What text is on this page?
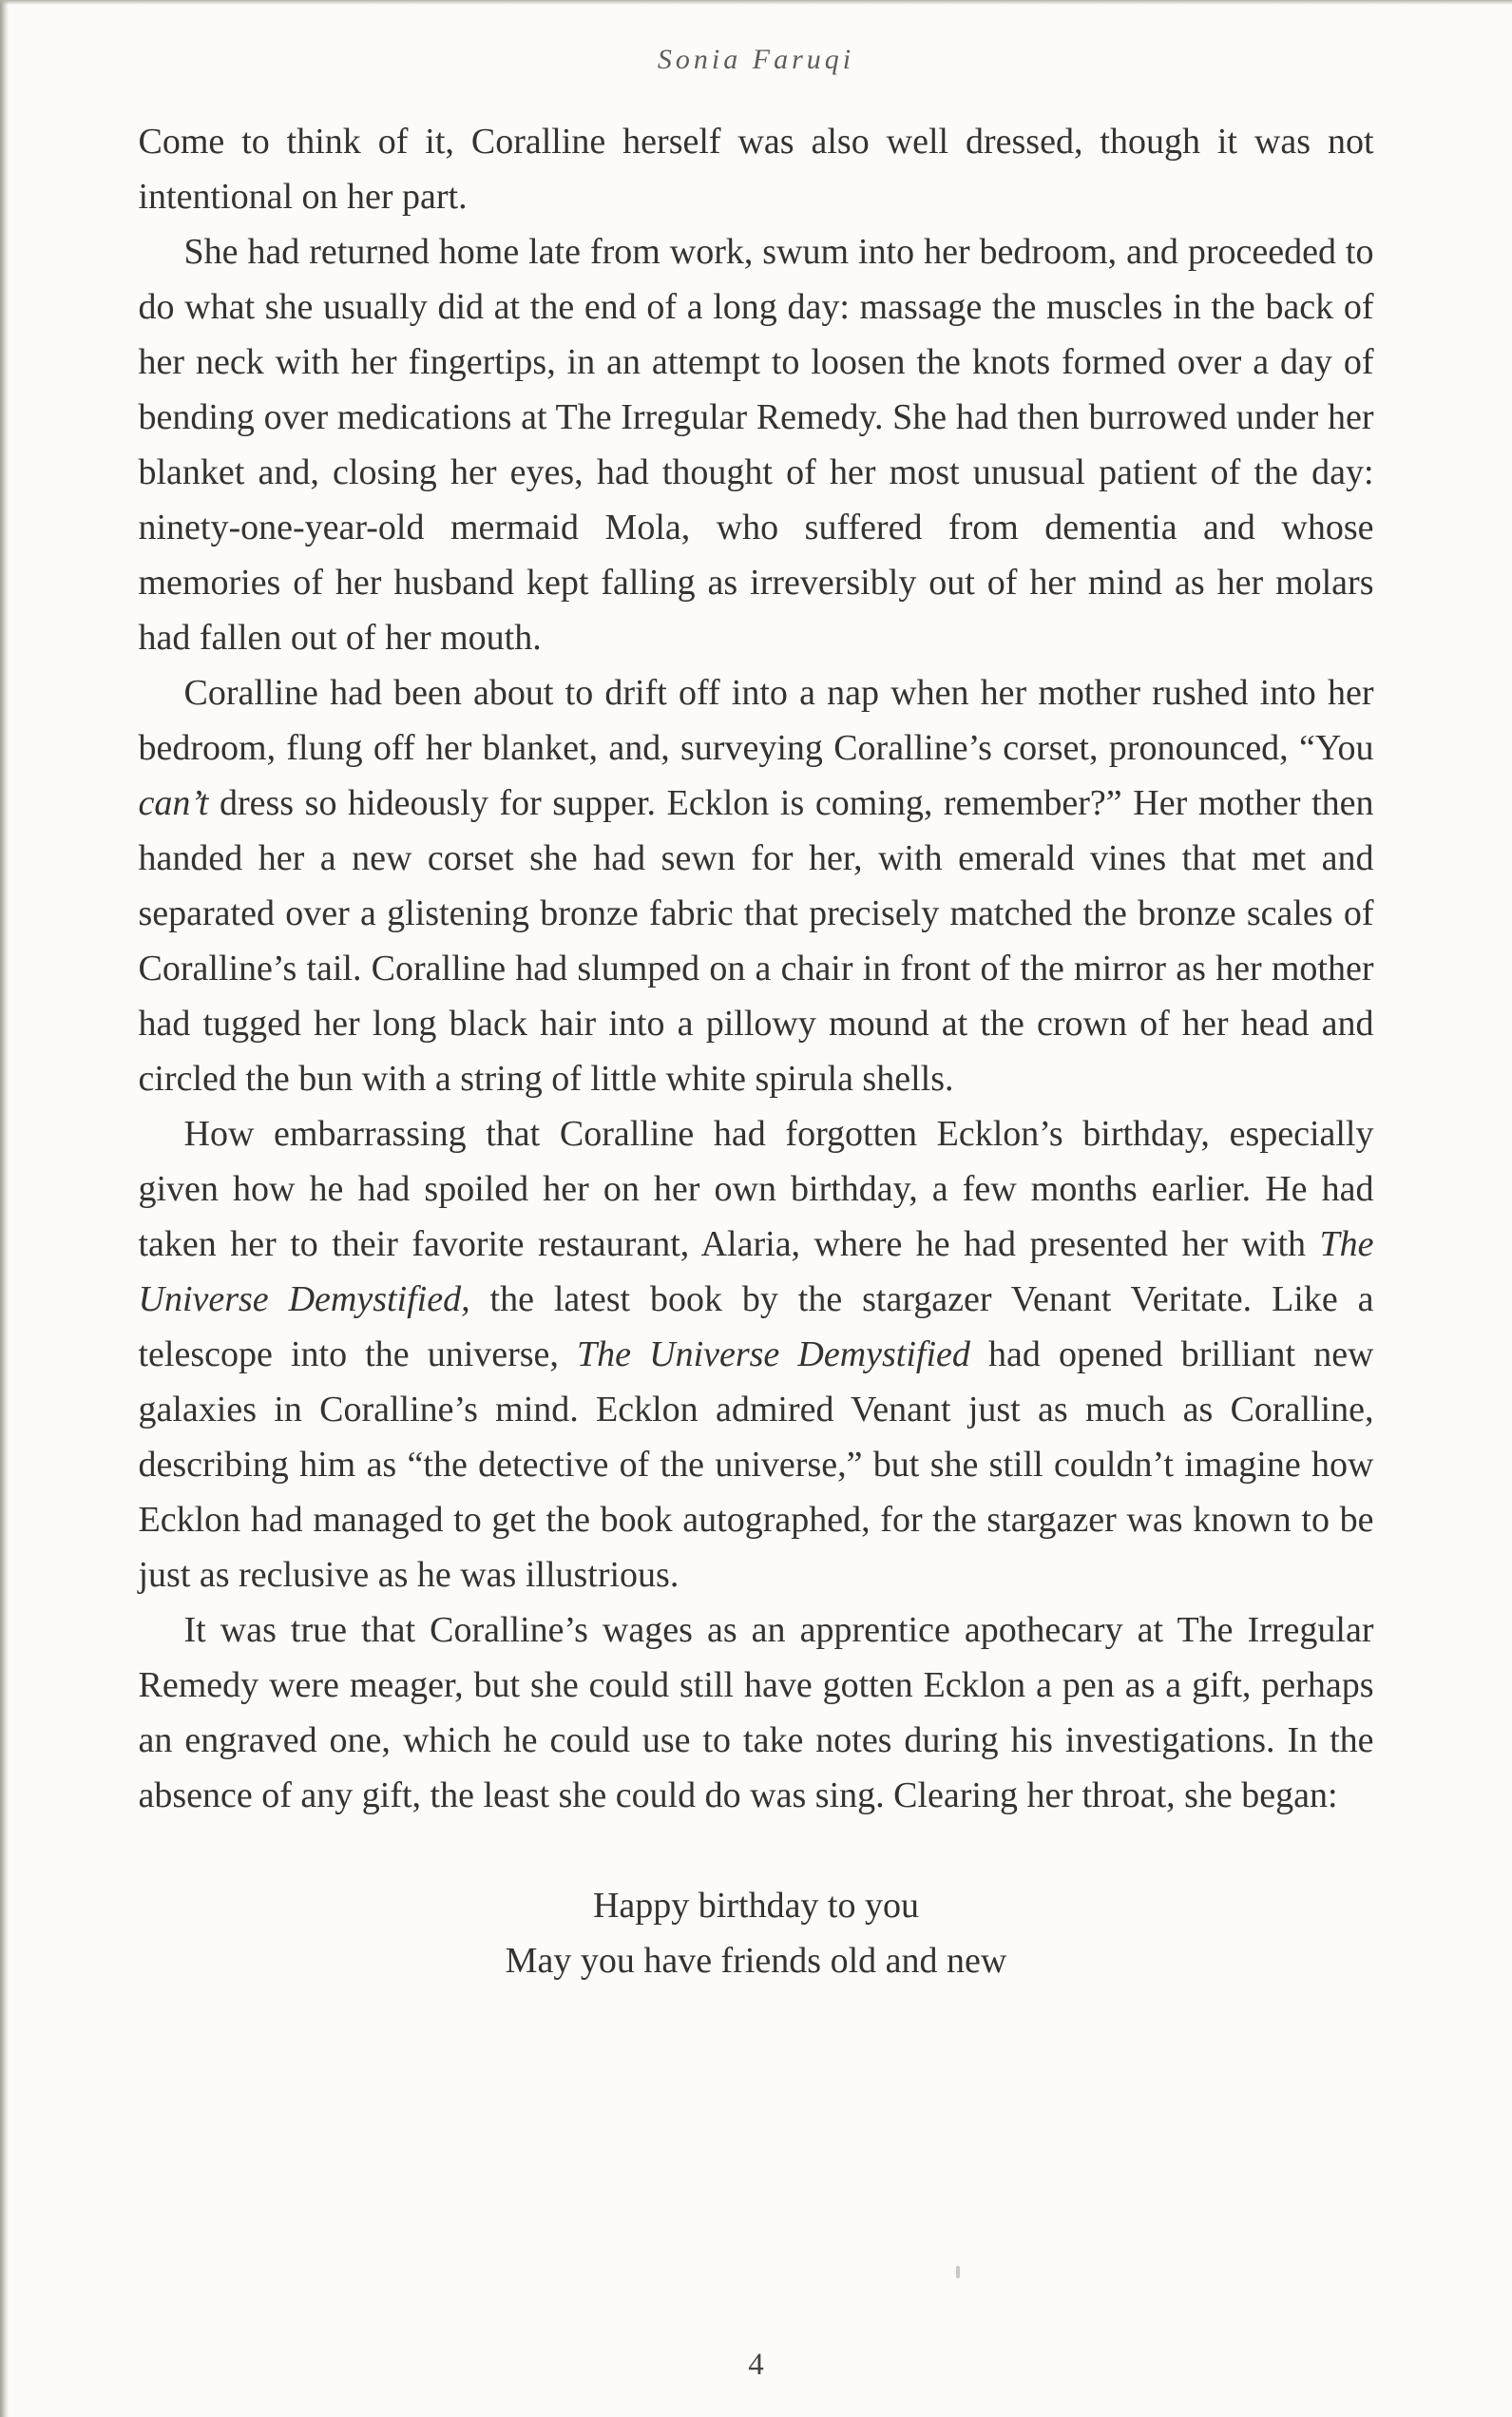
Sonia Faruqi

Come to think of it, Coralline herself was also well dressed, though it was not intentional on her part.

She had returned home late from work, swum into her bedroom, and proceeded to do what she usually did at the end of a long day: massage the muscles in the back of her neck with her fingertips, in an attempt to loosen the knots formed over a day of bending over medications at The Irregular Remedy. She had then burrowed under her blanket and, closing her eyes, had thought of her most unusual patient of the day: ninety-one-year-old mermaid Mola, who suffered from dementia and whose memories of her husband kept falling as irreversibly out of her mind as her molars had fallen out of her mouth.

Coralline had been about to drift off into a nap when her mother rushed into her bedroom, flung off her blanket, and, surveying Coralline’s corset, pronounced, “You can’t dress so hideously for supper. Ecklon is coming, remember?” Her mother then handed her a new corset she had sewn for her, with emerald vines that met and separated over a glistening bronze fabric that precisely matched the bronze scales of Coralline’s tail. Coralline had slumped on a chair in front of the mirror as her mother had tugged her long black hair into a pillowy mound at the crown of her head and circled the bun with a string of little white spirula shells.

How embarrassing that Coralline had forgotten Ecklon’s birthday, especially given how he had spoiled her on her own birthday, a few months earlier. He had taken her to their favorite restaurant, Alaria, where he had presented her with The Universe Demystified, the latest book by the stargazer Venant Veritate. Like a telescope into the universe, The Universe Demystified had opened brilliant new galaxies in Coralline’s mind. Ecklon admired Venant just as much as Coralline, describing him as “the detective of the universe,” but she still couldn’t imagine how Ecklon had managed to get the book autographed, for the stargazer was known to be just as reclusive as he was illustrious.

It was true that Coralline’s wages as an apprentice apothecary at The Irregular Remedy were meager, but she could still have gotten Ecklon a pen as a gift, perhaps an engraved one, which he could use to take notes during his investigations. In the absence of any gift, the least she could do was sing. Clearing her throat, she began:

Happy birthday to you
May you have friends old and new
4
